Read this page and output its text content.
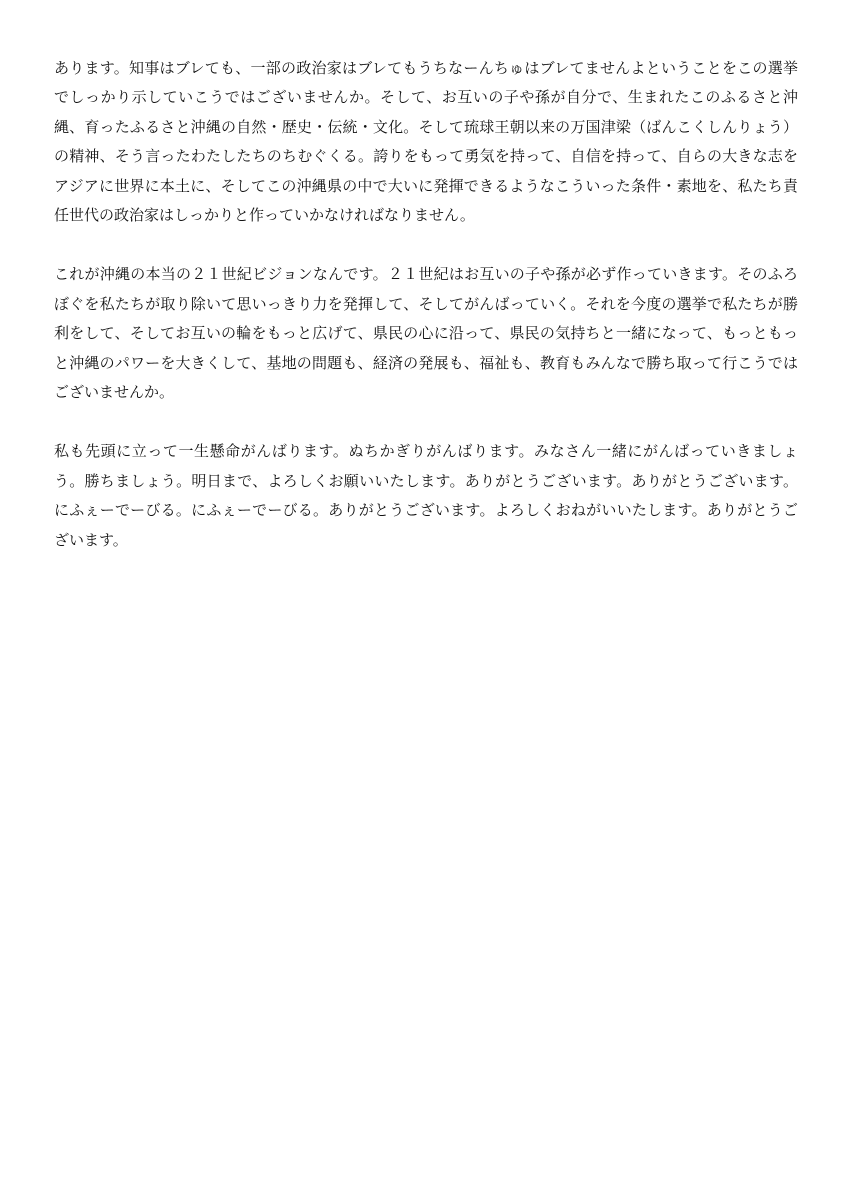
あります。知事はブレても、一部の政治家はブレてもうちなーんちゅはブレてませんよということをこの選挙でしっかり示していこうではございませんか。そして、お互いの子や孫が自分で、生まれたこのふるさと沖縄、育ったふるさと沖縄の自然・歴史・伝統・文化。そして琉球王朝以来の万国津梁（ばんこくしんりょう）の精神、そう言ったわたしたちのちむぐくる。誇りをもって勇気を持って、自信を持って、自らの大きな志をアジアに世界に本土に、そしてこの沖縄県の中で大いに発揮できるようなこういった条件・素地を、私たち責任世代の政治家はしっかりと作っていかなければなりません。

これが沖縄の本当の２１世紀ビジョンなんです。２１世紀はお互いの子や孫が必ず作っていきます。そのふろぼぐを私たちが取り除いて思いっきり力を発揮して、そしてがんばっていく。それを今度の選挙で私たちが勝利をして、そしてお互いの輪をもっと広げて、県民の心に沿って、県民の気持ちと一緒になって、もっともっと沖縄のパワーを大きくして、基地の問題も、経済の発展も、福祉も、教育もみんなで勝ち取って行こうではございませんか。

私も先頭に立って一生懸命がんばります。ぬちかぎりがんばります。みなさん一緒にがんばっていきましょう。勝ちましょう。明日まで、よろしくお願いいたします。ありがとうございます。ありがとうございます。にふぇーでーびる。にふぇーでーびる。ありがとうございます。よろしくおねがいいたします。ありがとうございます。
